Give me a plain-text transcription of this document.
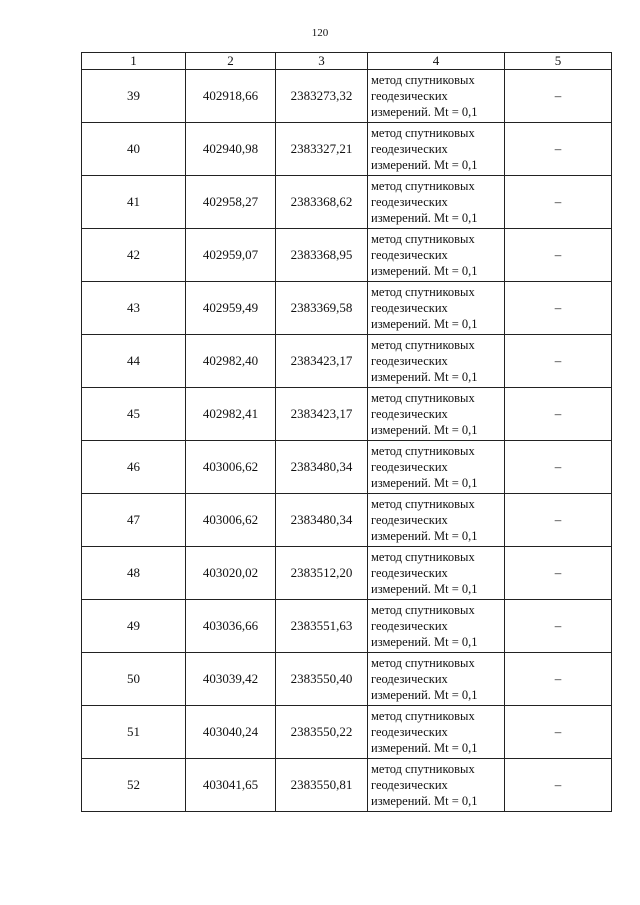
120
1	2	3	4	5
39	402918,66	2383273,32	метод спутниковых
геодезических
измерений. Mt = 0,1	–
40	402940,98	2383327,21	метод спутниковых
геодезических
измерений. Mt = 0,1	–
41	402958,27	2383368,62	метод спутниковых
геодезических
измерений. Mt = 0,1	–
42	402959,07	2383368,95	метод спутниковых
геодезических
измерений. Mt = 0,1	–
43	402959,49	2383369,58	метод спутниковых
геодезических
измерений. Mt = 0,1	–
44	402982,40	2383423,17	метод спутниковых
геодезических
измерений. Mt = 0,1	–
45	402982,41	2383423,17	метод спутниковых
геодезических
измерений. Mt = 0,1	–
46	403006,62	2383480,34	метод спутниковых
геодезических
измерений. Mt = 0,1	–
47	403006,62	2383480,34	метод спутниковых
геодезических
измерений. Mt = 0,1	–
48	403020,02	2383512,20	метод спутниковых
геодезических
измерений. Mt = 0,1	–
49	403036,66	2383551,63	метод спутниковых
геодезических
измерений. Mt = 0,1	–
50	403039,42	2383550,40	метод спутниковых
геодезических
измерений. Mt = 0,1	–
51	403040,24	2383550,22	метод спутниковых
геодезических
измерений. Mt = 0,1	–
52	403041,65	2383550,81	метод спутниковых
геодезических
измерений. Mt = 0,1	–
